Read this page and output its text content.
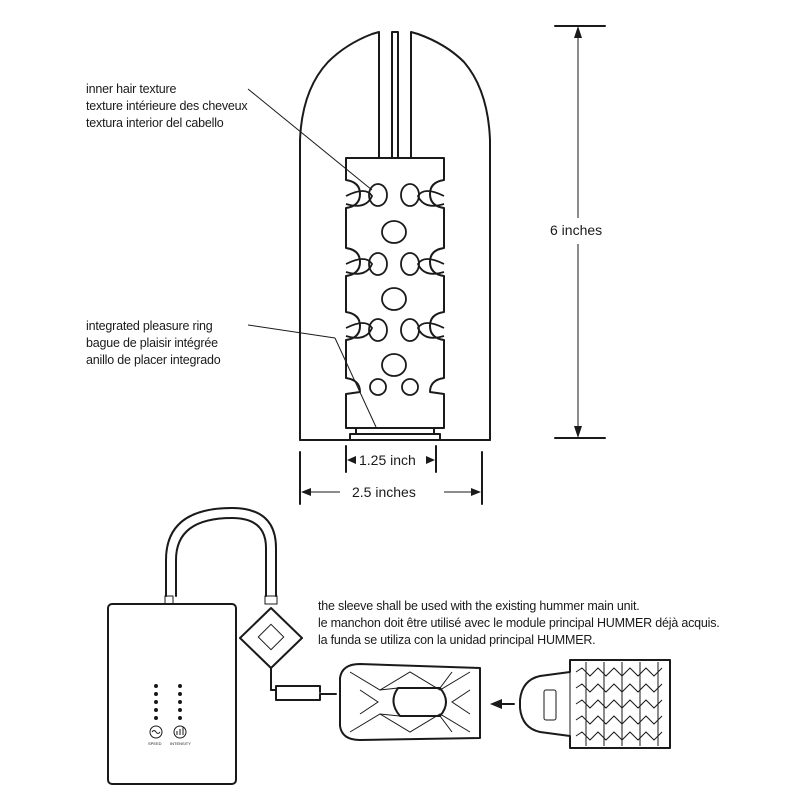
inner hair texture
texture intérieure des cheveux
textura interior del cabello
integrated pleasure ring
bague de plaisir intégrée
anillo de placer integrado
6 inches
1.25 inch
2.5 inches
the sleeve shall be used with the existing hummer main unit.
le manchon doit être utilisé avec le module principal HUMMER déjà acquis.
la funda se utiliza con la unidad principal HUMMER.
SPEED INTENSITY
